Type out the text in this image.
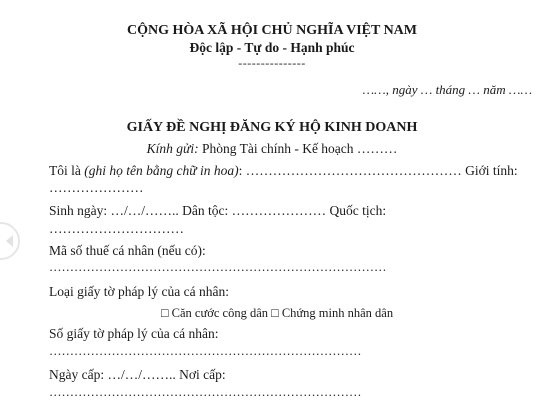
CỘNG HÒA XÃ HỘI CHỦ NGHĨA VIỆT NAM
Độc lập - Tự do - Hạnh phúc
---------------
……, ngày … tháng … năm ……
GIẤY ĐỀ NGHỊ ĐĂNG KÝ HỘ KINH DOANH
Kính gửi: Phòng Tài chính - Kế hoạch ………
Tôi là (ghi họ tên bằng chữ in hoa): ………………………………………… Giới tính:
…………………
Sinh ngày: …/…/…….. Dân tộc: ………………… Quốc tịch:
…………………………
Mã số thuế cá nhân (nếu có):
………………………………………………………………………
Loại giấy tờ pháp lý của cá nhân:
□ Căn cước công dân □ Chứng minh nhân dân
Số giấy tờ pháp lý của cá nhân:
…………………………………………………………………
Ngày cấp: …/…/…….. Nơi cấp:
…………………………………………………………………
